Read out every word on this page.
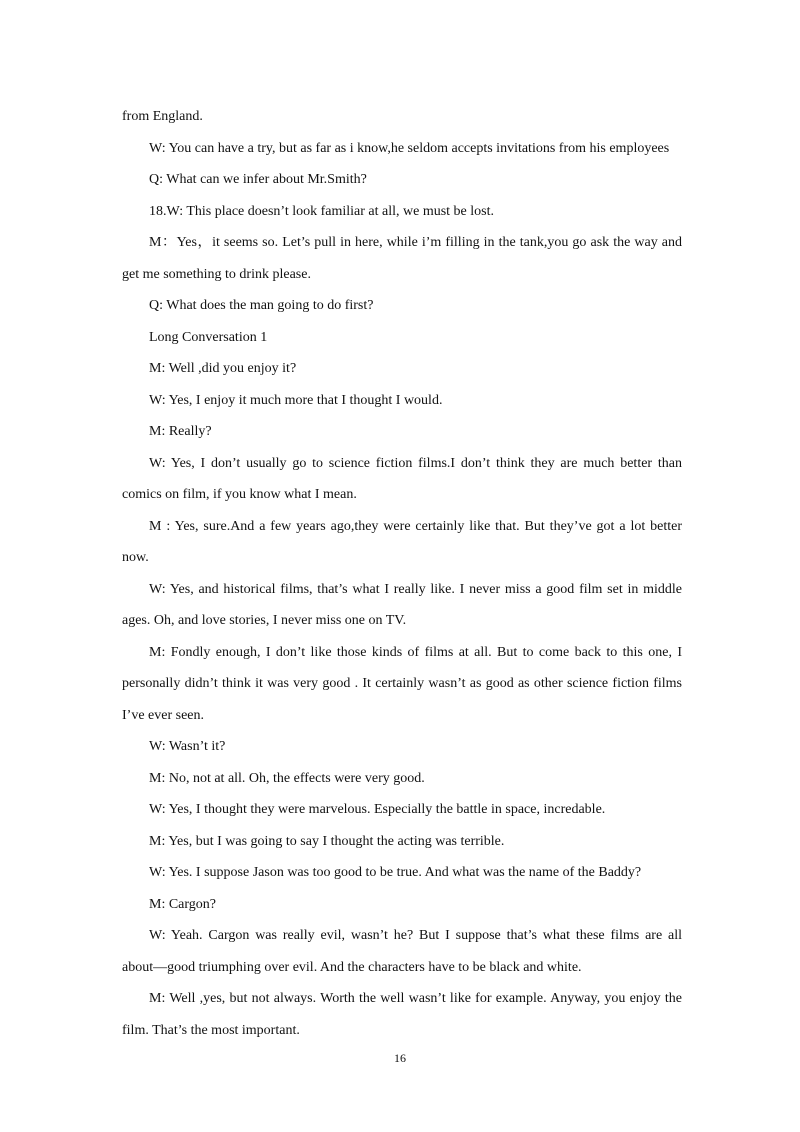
from England.

W: You can have a try, but as far as i know,he seldom accepts invitations from his employees

Q: What can we infer about Mr.Smith?

18.W: This place doesn’t look familiar at all, we must be lost.

M：Yes，it seems so. Let’s pull in here, while i’m filling in the tank,you go ask the way and

get me something to drink please.

Q: What does the man going to do first?

Long Conversation 1

M: Well ,did you enjoy it?

W: Yes, I enjoy it much more that I thought I would.

M: Really?

W: Yes, I don’t usually go to science fiction films.I don’t think they are much better than

comics on film, if you know what I mean.

M : Yes, sure.And a few years ago,they were certainly like that. But they’ve got a lot better

now.

W: Yes, and historical films, that’s what I really like. I never miss a good film set in middle

ages. Oh, and love stories, I never miss one on TV.

M: Fondly enough, I don’t like those kinds of films at all. But to come back to this one, I

personally didn’t think it was very good . It certainly wasn’t as good as other science fiction films

I’ve ever seen.

W: Wasn’t it?

M: No, not at all. Oh, the effects were very good.

W: Yes, I thought they were marvelous. Especially the battle in space, incredable.

M: Yes, but I was going to say I thought the acting was terrible.

W: Yes. I suppose Jason was too good to be true. And what was the name of the Baddy?

M: Cargon?

W: Yeah. Cargon was really evil, wasn’t he? But I suppose that’s what these films are all

about—good triumphing over evil. And the characters have to be black and white.

M: Well ,yes, but not always. Worth the well wasn’t like for example. Anyway, you enjoy the

film. That’s the most important.

16
